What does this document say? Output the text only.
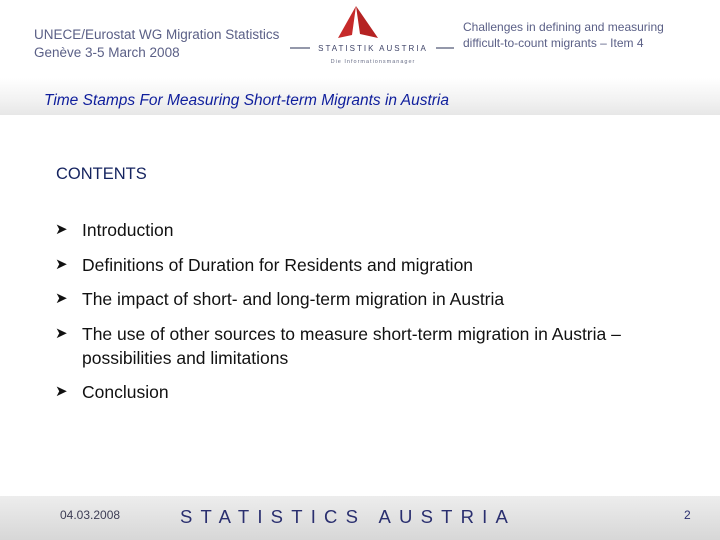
UNECE/Eurostat WG Migration Statistics
Genève 3-5 March 2008	STATISTIK AUSTRIA
Die Informationsmanager
Challenges in defining and measuring
difficult-to-count migrants – Item 4
Time Stamps For Measuring Short-term Migrants in Austria
CONTENTS
➤ Introduction
➤ Definitions of Duration for Residents and migration
➤ The impact of short- and long-term migration in Austria
➤ The use of other sources to measure short-term migration in Austria – possibilities and limitations
➤ Conclusion
04.03.2008	STATISTICS AUSTRIA	2
